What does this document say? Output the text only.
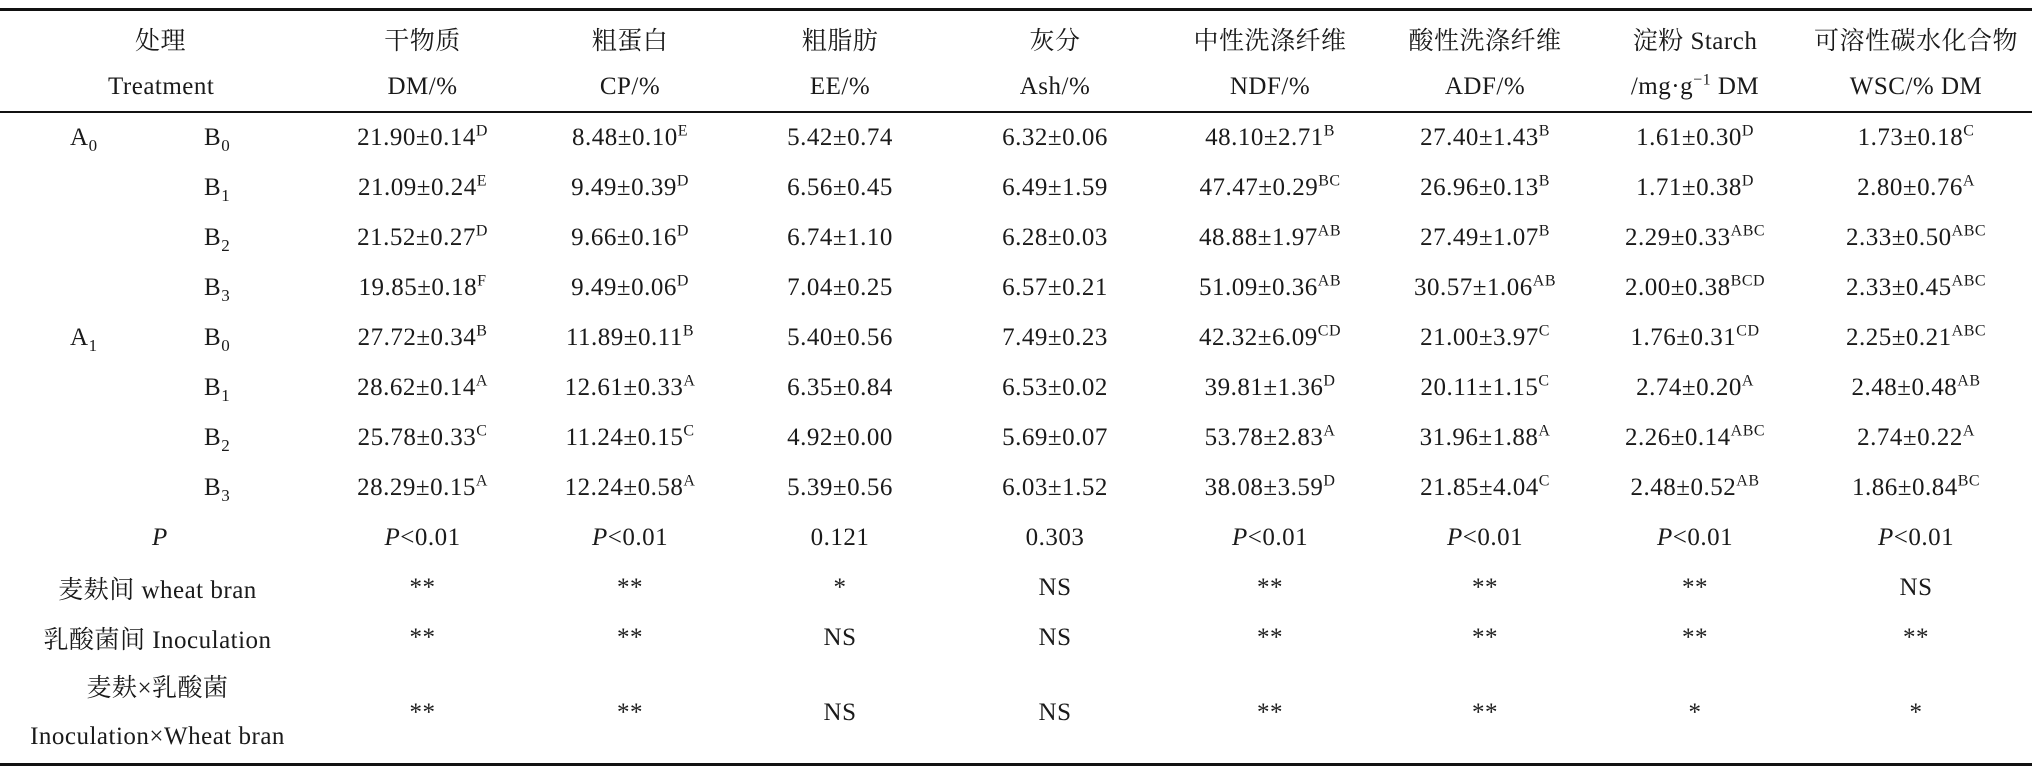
处理		干物质	粗蛋白	粗脂肪	灰分	中性洗涤纤维	酸性洗涤纤维	淀粉 Starch	可溶性碳水化合物
Treatment		DM/%	CP/%	EE/%	Ash/%	NDF/%	ADF/%	$/mg\cdot g^{-1}$ DM	WSC/% DM
$A_0$	$B_0$	$21.90\pm 0.14^D$	$8.48\pm 0.10^E$	5.42±0.74	6.32±0.06	$48.10\pm 2.71^B$	$27.40\pm 1.43^B$	$1.61\pm 0.30^D$	$1.73\pm 0.18^C$
	$B_1$	$21.09\pm 0.24^E$	$9.49\pm 0.39^D$	6.56±0.45	6.49±1.59	$47.47\pm 0.29^{BC}$	$26.96\pm 0.13^B$	$1.71\pm 0.38^D$	$2.80\pm 0.76^A$
	$B_2$	$21.52\pm 0.27^D$	$9.66\pm 0.16^D$	6.74±1.10	6.28±0.03	$48.88\pm 1.97^{AB}$	$27.49\pm 1.07^B$	$2.29\pm 0.33^{ABC}$	$2.33\pm 0.50^{ABC}$
	$B_3$	$19.85\pm 0.18^F$	$9.49\pm 0.06^D$	7.04±0.25	6.57±0.21	$51.09\pm 0.36^{AB}$	$30.57\pm 1.06^{AB}$	$2.00\pm 0.38^{BCD}$	$2.33\pm 0.45^{ABC}$
$A_1$	$B_0$	$27.72\pm 0.34^B$	$11.89\pm 0.11^B$	5.40±0.56	7.49±0.23	$42.32\pm 6.09^{CD}$	$21.00\pm 3.97^C$	$1.76\pm 0.31^{CD}$	$2.25\pm 0.21^{ABC}$
	$B_1$	$28.62\pm 0.14^A$	$12.61\pm 0.33^A$	6.35±0.84	6.53±0.02	$39.81\pm 1.36^D$	$20.11\pm 1.15^C$	$2.74\pm 0.20^A$	$2.48\pm 0.48^{AB}$
	$B_2$	$25.78\pm 0.33^C$	$11.24\pm 0.15^C$	4.92±0.00	5.69±0.07	$53.78\pm 2.83^A$	$31.96\pm 1.88^A$	$2.26\pm 0.14^{ABC}$	$2.74\pm 0.22^A$
	$B_3$	$28.29\pm 0.15^A$	$12.24\pm 0.58^A$	5.39±0.56	6.03±1.52	$38.08\pm 3.59^D$	$21.85\pm 4.04^C$	$2.48\pm 0.52^{AB}$	$1.86\pm 0.84^{BC}$
P		P<0.01	P<0.01	0.121	0.303	P<0.01	P<0.01	P<0.01	P<0.01
麦麸间 wheat bran		**	**	*	NS	**	**	**	NS
乳酸菌间 Inoculation		**	**	NS	NS	**	**	**	**

麦麸×乳酸菌
Inoculation×Wheat bran		**	**	NS	NS	**	**	*	*
